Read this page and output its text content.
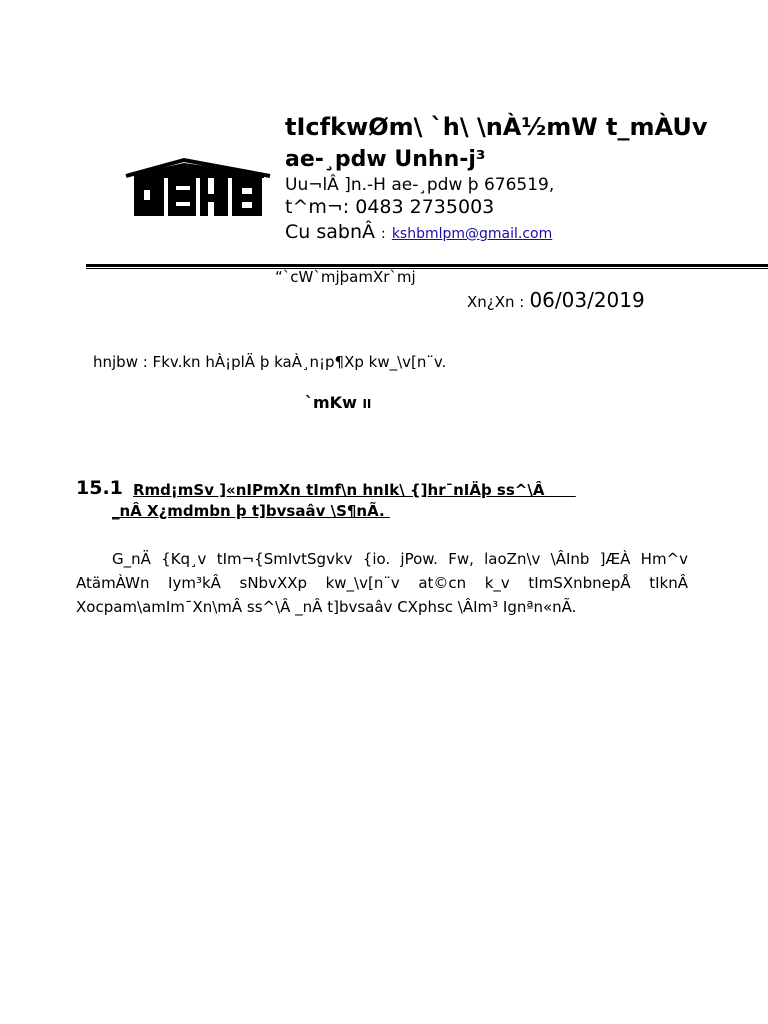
tIcfkwØm\ `h\ \nÀ½mW t_mÀUv
ae-¸pdw Unhn-j³
Uu¬lÂ ]n.-H ae-¸pdw þ 676519,
t^m¬: 0483 2735003
Cu sabnÂ : kshbmlpm@gmail.com
“`cW`mjþamXr`mj
Xn¿Xn : 06/03/2019
hnjbw : Fkv.kn hÀ¡plÄ þ kaÀ¸n¡p¶Xp kw_\v[n¨v.
`mKw II
15.1 Rmd¡mSv ]«nIPmXn tImf\n hnIk\ {]hr¯nIÄþ ss^\Â
_nÂ X¿mdmbn þ t]bvsaâv \S¶nÃ.
G_nÄ {Kq¸v tIm¬{SmIvtSgvkv {io. jPow. Fw, laoZn\v \ÂInb ]ÆÀ Hm^v AtämÀWn Iym³kÂ sNbvXXp kw_\v[n¨v at©cn k_v tImSXnbnepÅ tIknÂ Xocpam\amIm¯Xn\mÂ ss^\Â _nÂ t]bvsaâv CXphsc \ÂIm³ Ignªn«nÃ.
